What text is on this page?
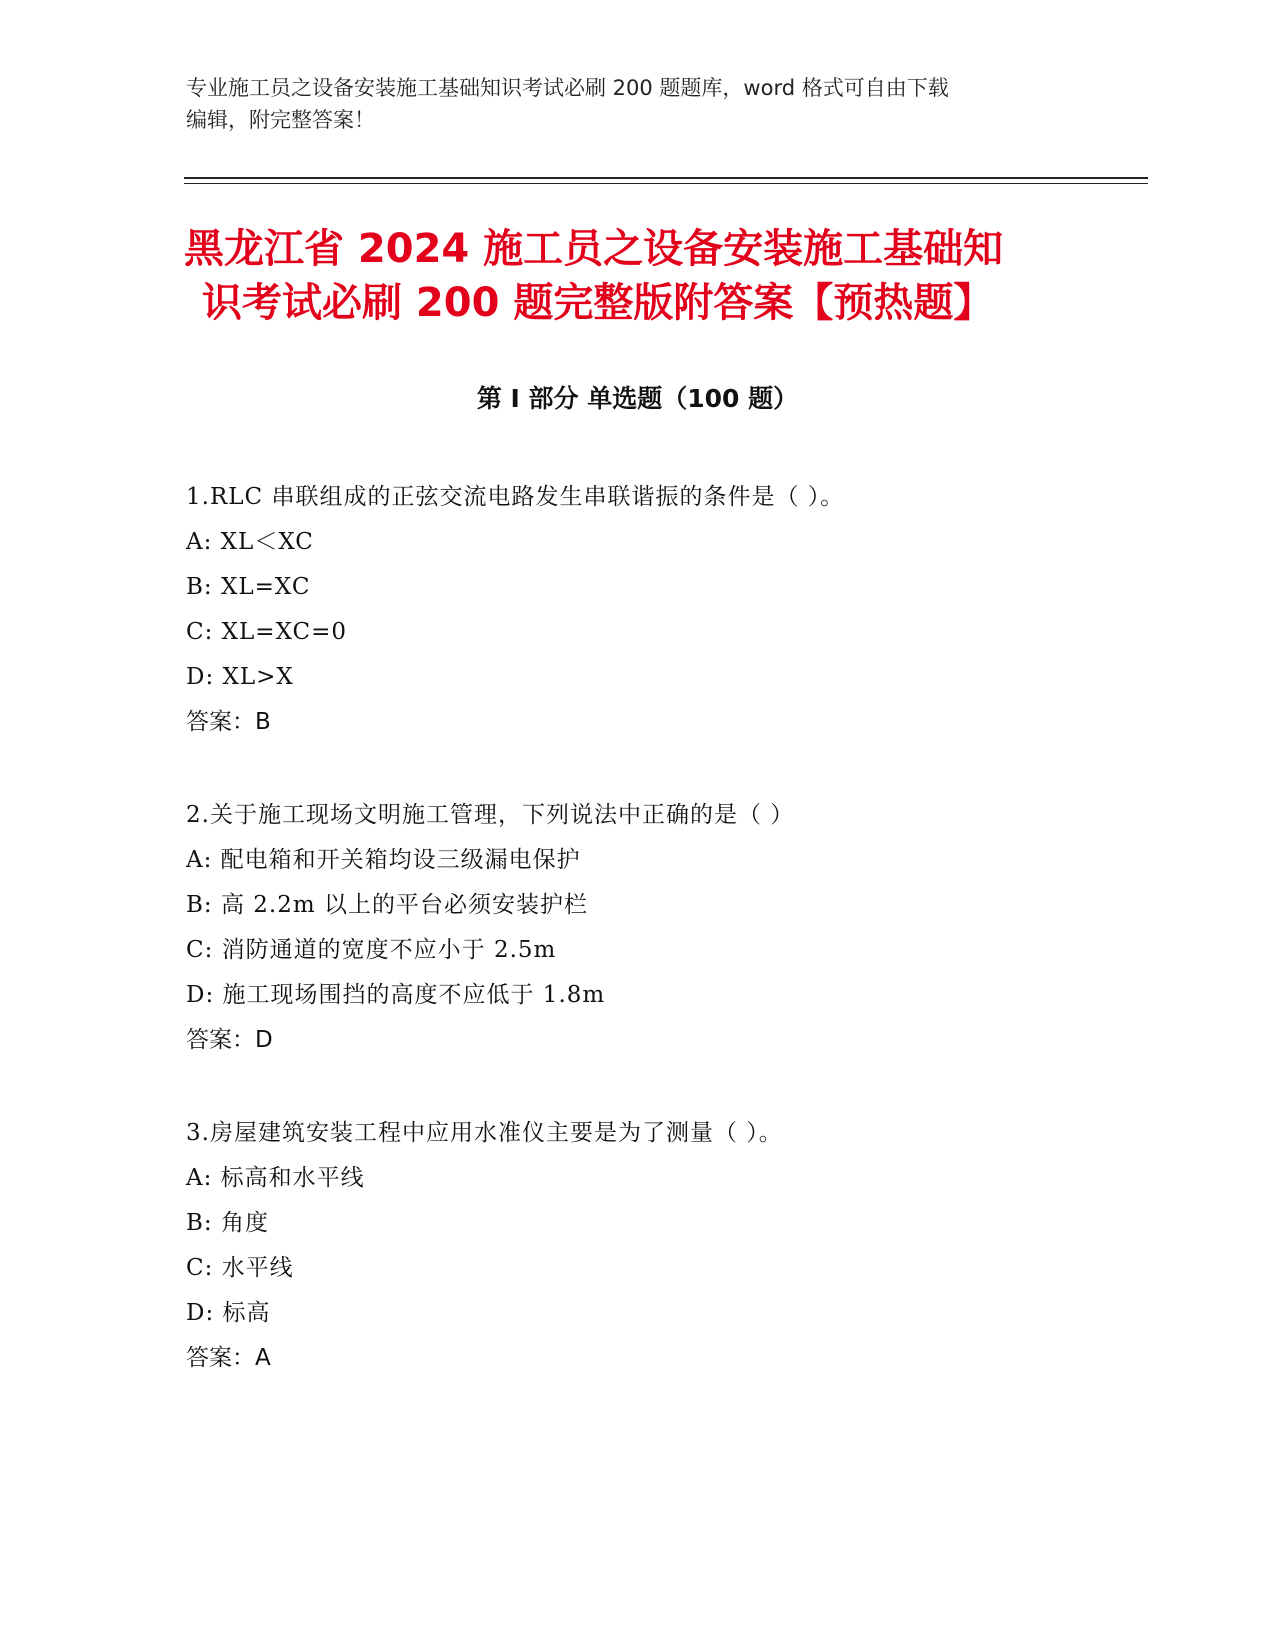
专业施工员之设备安装施工基础知识考试必刷 200 题题库，word 格式可自由下载
编辑，附完整答案！
黑龙江省 2024 施工员之设备安装施工基础知
识考试必刷 200 题完整版附答案【预热题】
第 I 部分 单选题（100 题）
1.RLC 串联组成的正弦交流电路发生串联谐振的条件是（ ）。
A: XL＜XC
B: XL=XC
C: XL=XC=0
D: XL>X
答案：B
2.关于施工现场文明施工管理，下列说法中正确的是（ ）
A: 配电箱和开关箱均设三级漏电保护
B: 高 2.2m 以上的平台必须安装护栏
C: 消防通道的宽度不应小于 2.5m
D: 施工现场围挡的高度不应低于 1.8m
答案：D
3.房屋建筑安装工程中应用水准仪主要是为了测量（ ）。
A: 标高和水平线
B: 角度
C: 水平线
D: 标高
答案：A
